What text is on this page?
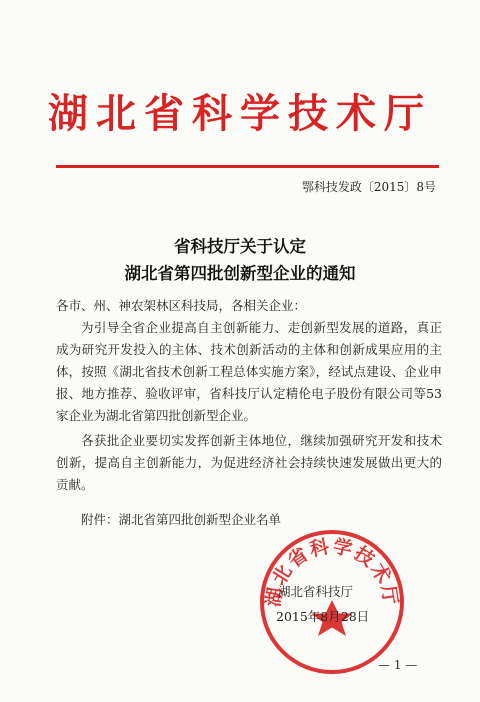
湖北省科学技术厅
鄂科技发政〔2015〕8号
省科技厅关于认定
湖北省第四批创新型企业的通知

各市、州、神农架林区科技局，各相关企业：

为引导全省企业提高自主创新能力、走创新型发展的道路，真正成为研究开发投入的主体、技术创新活动的主体和创新成果应用的主体，按照《湖北省技术创新工程总体实施方案》，经试点建设、企业申报、地方推荐、验收评审，省科技厅认定精伦电子股份有限公司等53家企业为湖北省第四批创新型企业。

各获批企业要切实发挥创新主体地位，继续加强研究开发和技术创新，提高自主创新能力，为促进经济社会持续快速发展做出更大的贡献。

附件：湖北省第四批创新型企业名单

湖北省科学技术厅
湖北省科技厅
2015年8月28日
— 1 —
